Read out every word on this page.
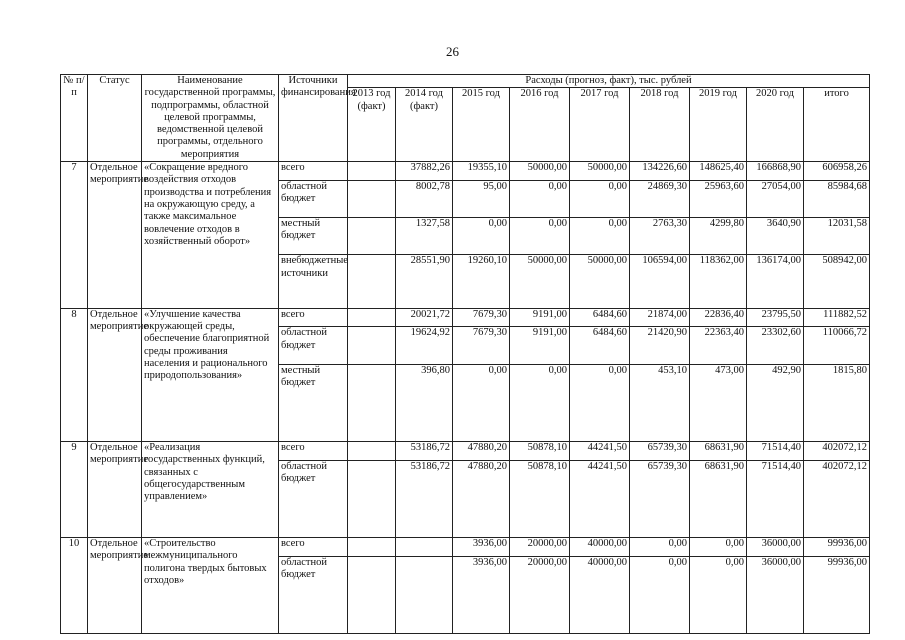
26
№ п/п	Статус	Наименование государственной программы, подпрограммы, областной целевой программы, ведомственной целевой программы, отдельного мероприятия	Источники финансирования	Расходы (прогноз, факт), тыс. рублей								
				2013 год (факт)	2014 год (факт)	2015 год	2016 год	2017 год	2018 год	2019 год	2020 год	итого
7	Отдельное мероприятие	«Сокращение вредного воздействия отходов производства и потребления на окружающую среду, а также максимальное вовлечение отходов в хозяйственный оборот»	всего		37882,26	19355,10	50000,00	50000,00	134226,60	148625,40	166868,90	606958,26
			областной бюджет		8002,78	95,00	0,00	0,00	24869,30	25963,60	27054,00	85984,68
			местный бюджет		1327,58	0,00	0,00	0,00	2763,30	4299,80	3640,90	12031,58
			внебюджетные источники		28551,90	19260,10	50000,00	50000,00	106594,00	118362,00	136174,00	508942,00
8	Отдельное мероприятие	«Улучшение качества окружающей среды, обеспечение благоприятной среды проживания населения и рационального природопользования»	всего		20021,72	7679,30	9191,00	6484,60	21874,00	22836,40	23795,50	111882,52
			областной бюджет		19624,92	7679,30	9191,00	6484,60	21420,90	22363,40	23302,60	110066,72
			местный бюджет		396,80	0,00	0,00	0,00	453,10	473,00	492,90	1815,80
9	Отдельное мероприятие	«Реализация государственных функций, связанных с общегосударственным управлением»	всего		53186,72	47880,20	50878,10	44241,50	65739,30	68631,90	71514,40	402072,12
			областной бюджет		53186,72	47880,20	50878,10	44241,50	65739,30	68631,90	71514,40	402072,12
10	Отдельное мероприятие	«Строительство межмуниципального полигона твердых бытовых отходов»	всего			3936,00	20000,00	40000,00	0,00	0,00	36000,00	99936,00
			областной бюджет			3936,00	20000,00	40000,00	0,00	0,00	36000,00	99936,00
